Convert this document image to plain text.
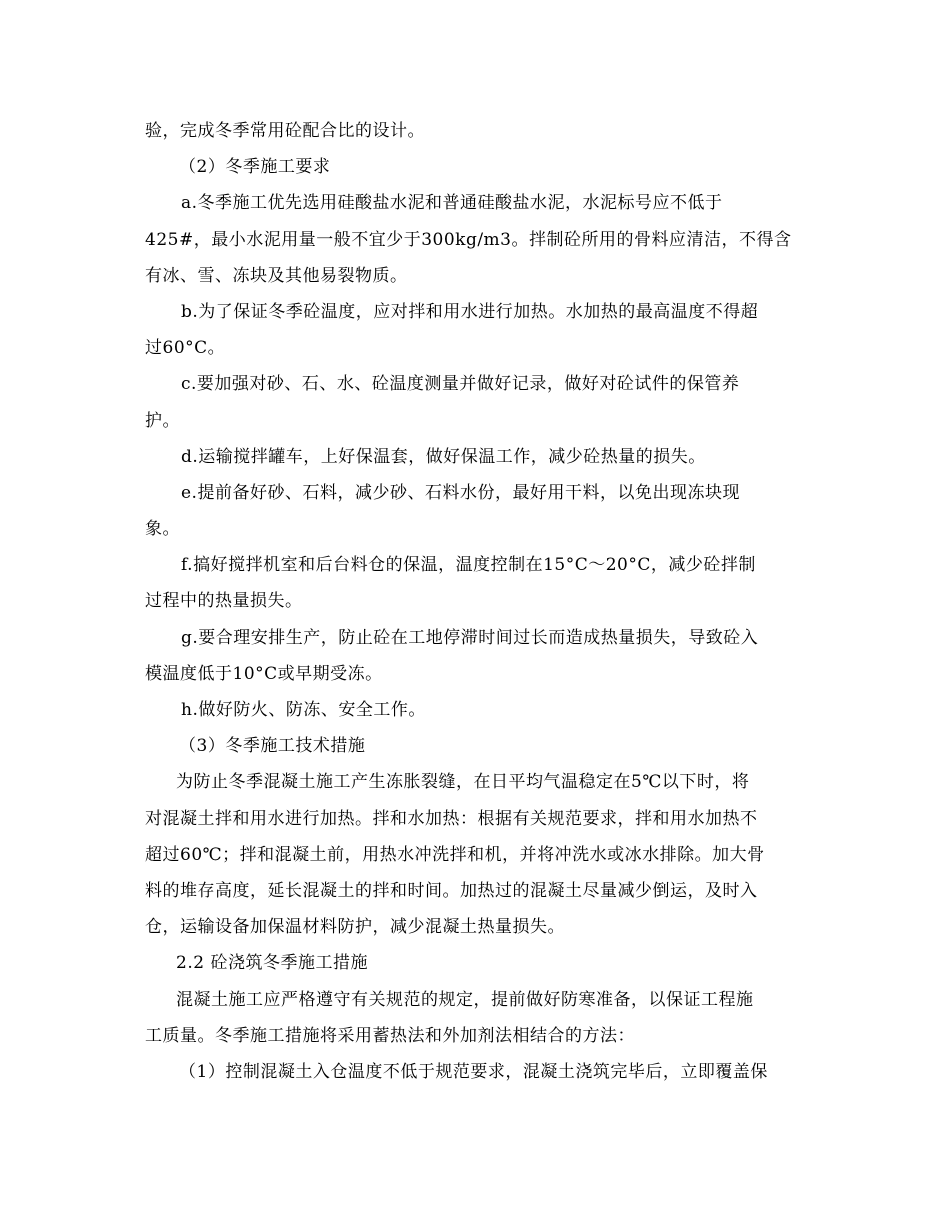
验，完成冬季常用砼配合比的设计。
（2）冬季施工要求
a.冬季施工优先选用硅酸盐水泥和普通硅酸盐水泥，水泥标号应不低于
425#，最小水泥用量一般不宜少于300kg/m3。拌制砼所用的骨料应清洁，不得含
有冰、雪、冻块及其他易裂物质。
b.为了保证冬季砼温度，应对拌和用水进行加热。水加热的最高温度不得超
过60°C。
c.要加强对砂、石、水、砼温度测量并做好记录，做好对砼试件的保管养
护。
d.运输搅拌罐车，上好保温套，做好保温工作，减少砼热量的损失。
e.提前备好砂、石料，减少砂、石料水份，最好用干料，以免出现冻块现
象。
f.搞好搅拌机室和后台料仓的保温，温度控制在15°C～20°C，减少砼拌制
过程中的热量损失。
g.要合理安排生产，防止砼在工地停滞时间过长而造成热量损失，导致砼入
模温度低于10°C或早期受冻。
h.做好防火、防冻、安全工作。
（3）冬季施工技术措施
为防止冬季混凝土施工产生冻胀裂缝，在日平均气温稳定在5℃以下时，将
对混凝土拌和用水进行加热。拌和水加热：根据有关规范要求，拌和用水加热不
超过60℃；拌和混凝土前，用热水冲洗拌和机，并将冲洗水或冰水排除。加大骨
料的堆存高度，延长混凝土的拌和时间。加热过的混凝土尽量减少倒运，及时入
仓，运输设备加保温材料防护，减少混凝土热量损失。
2.2 砼浇筑冬季施工措施
混凝土施工应严格遵守有关规范的规定，提前做好防寒准备，以保证工程施
工质量。冬季施工措施将采用蓄热法和外加剂法相结合的方法：
（1）控制混凝土入仓温度不低于规范要求，混凝土浇筑完毕后，立即覆盖保
